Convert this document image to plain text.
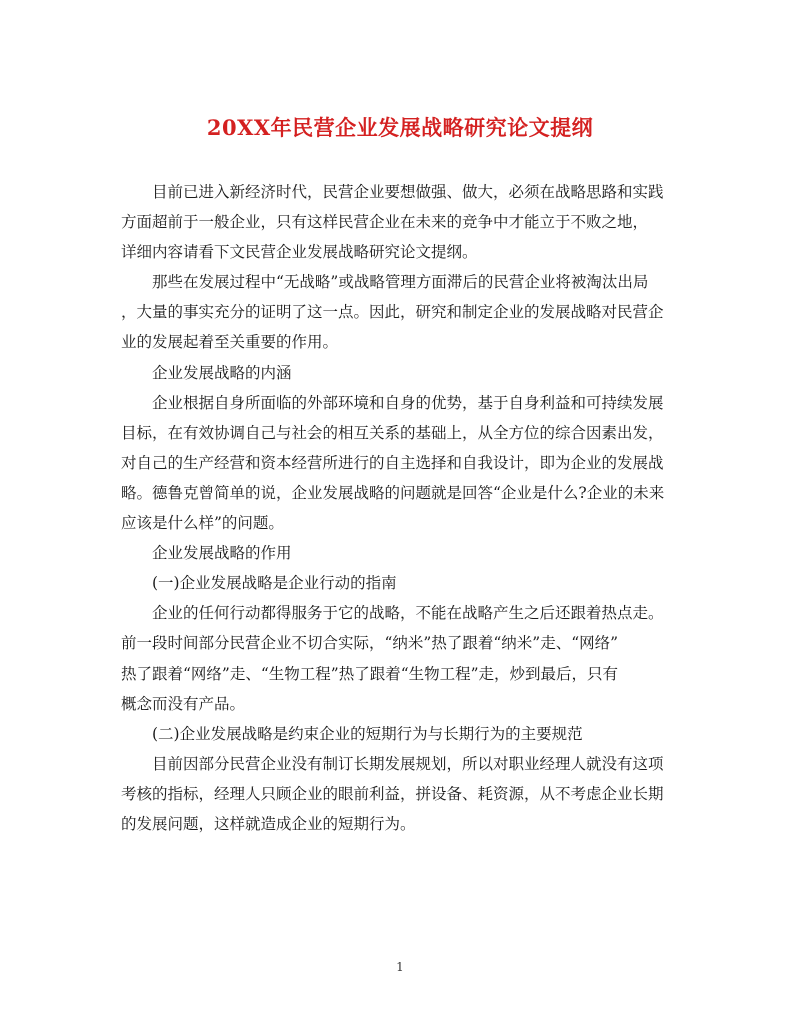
20XX年民营企业发展战略研究论文提纲
目前已进入新经济时代，民营企业要想做强、做大，必须在战略思路和实践
方面超前于一般企业，只有这样民营企业在未来的竞争中才能立于不败之地，
详细内容请看下文民营企业发展战略研究论文提纲。
那些在发展过程中“无战略”或战略管理方面滞后的民营企业将被淘汰出局
，大量的事实充分的证明了这一点。因此，研究和制定企业的发展战略对民营企
业的发展起着至关重要的作用。
企业发展战略的内涵
企业根据自身所面临的外部环境和自身的优势，基于自身利益和可持续发展
目标，在有效协调自己与社会的相互关系的基础上，从全方位的综合因素出发，
对自己的生产经营和资本经营所进行的自主选择和自我设计，即为企业的发展战
略。德鲁克曾简单的说，企业发展战略的问题就是回答“企业是什么?企业的未来
应该是什么样”的问题。
企业发展战略的作用
(一)企业发展战略是企业行动的指南
企业的任何行动都得服务于它的战略，不能在战略产生之后还跟着热点走。
前一段时间部分民营企业不切合实际，“纳米”热了跟着“纳米”走、“网络”
热了跟着“网络”走、“生物工程”热了跟着“生物工程”走，炒到最后，只有
概念而没有产品。
(二)企业发展战略是约束企业的短期行为与长期行为的主要规范
目前因部分民营企业没有制订长期发展规划，所以对职业经理人就没有这项
考核的指标，经理人只顾企业的眼前利益，拼设备、耗资源，从不考虑企业长期
的发展问题，这样就造成企业的短期行为。
1
